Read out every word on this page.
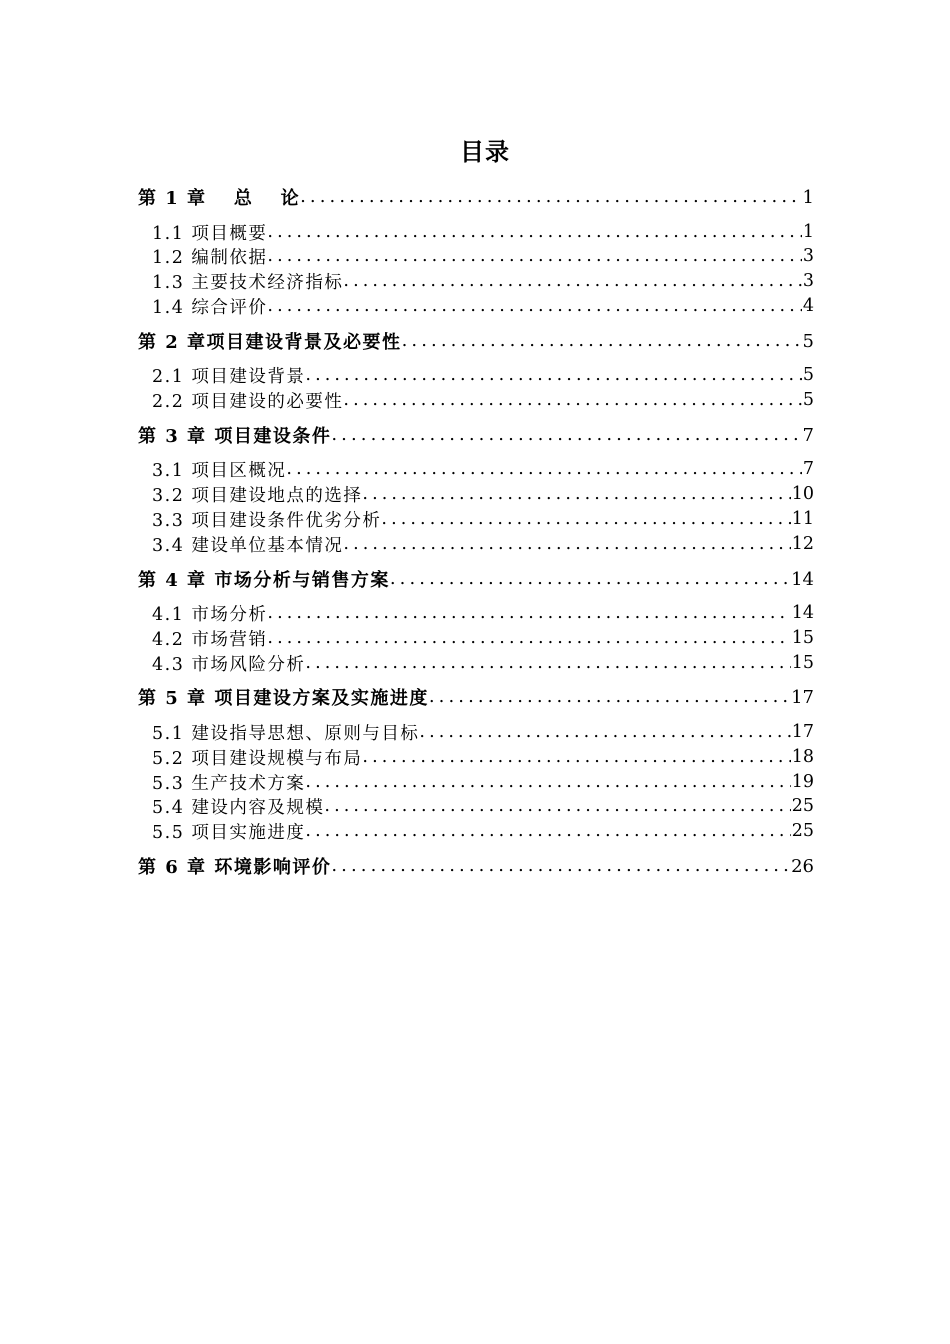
目录
第 1 章　 总　 论 .....	1
1.1 项目概要 .....	1
1.2 编制依据 .....	3
1.3 主要技术经济指标 .....	3
1.4 综合评价 .....	4
第 2 章项目建设背景及必要性 .....	5
2.1 项目建设背景 .....	5
2.2 项目建设的必要性 .....	5
第 3 章 项目建设条件 .....	7
3.1 项目区概况 .....	7
3.2 项目建设地点的选择 .....	10
3.3 项目建设条件优劣分析 .....	11
3.4 建设单位基本情况 .....	12
第 4 章 市场分析与销售方案 .....	14
4.1 市场分析 .....	14
4.2 市场营销 .....	15
4.3 市场风险分析 .....	15
第 5 章 项目建设方案及实施进度 .....	17
5.1 建设指导思想、原则与目标 .....	17
5.2 项目建设规模与布局 .....	18
5.3 生产技术方案 .....	19
5.4 建设内容及规模 .....	25
5.5 项目实施进度 .....	25
第 6 章 环境影响评价 .....	26
